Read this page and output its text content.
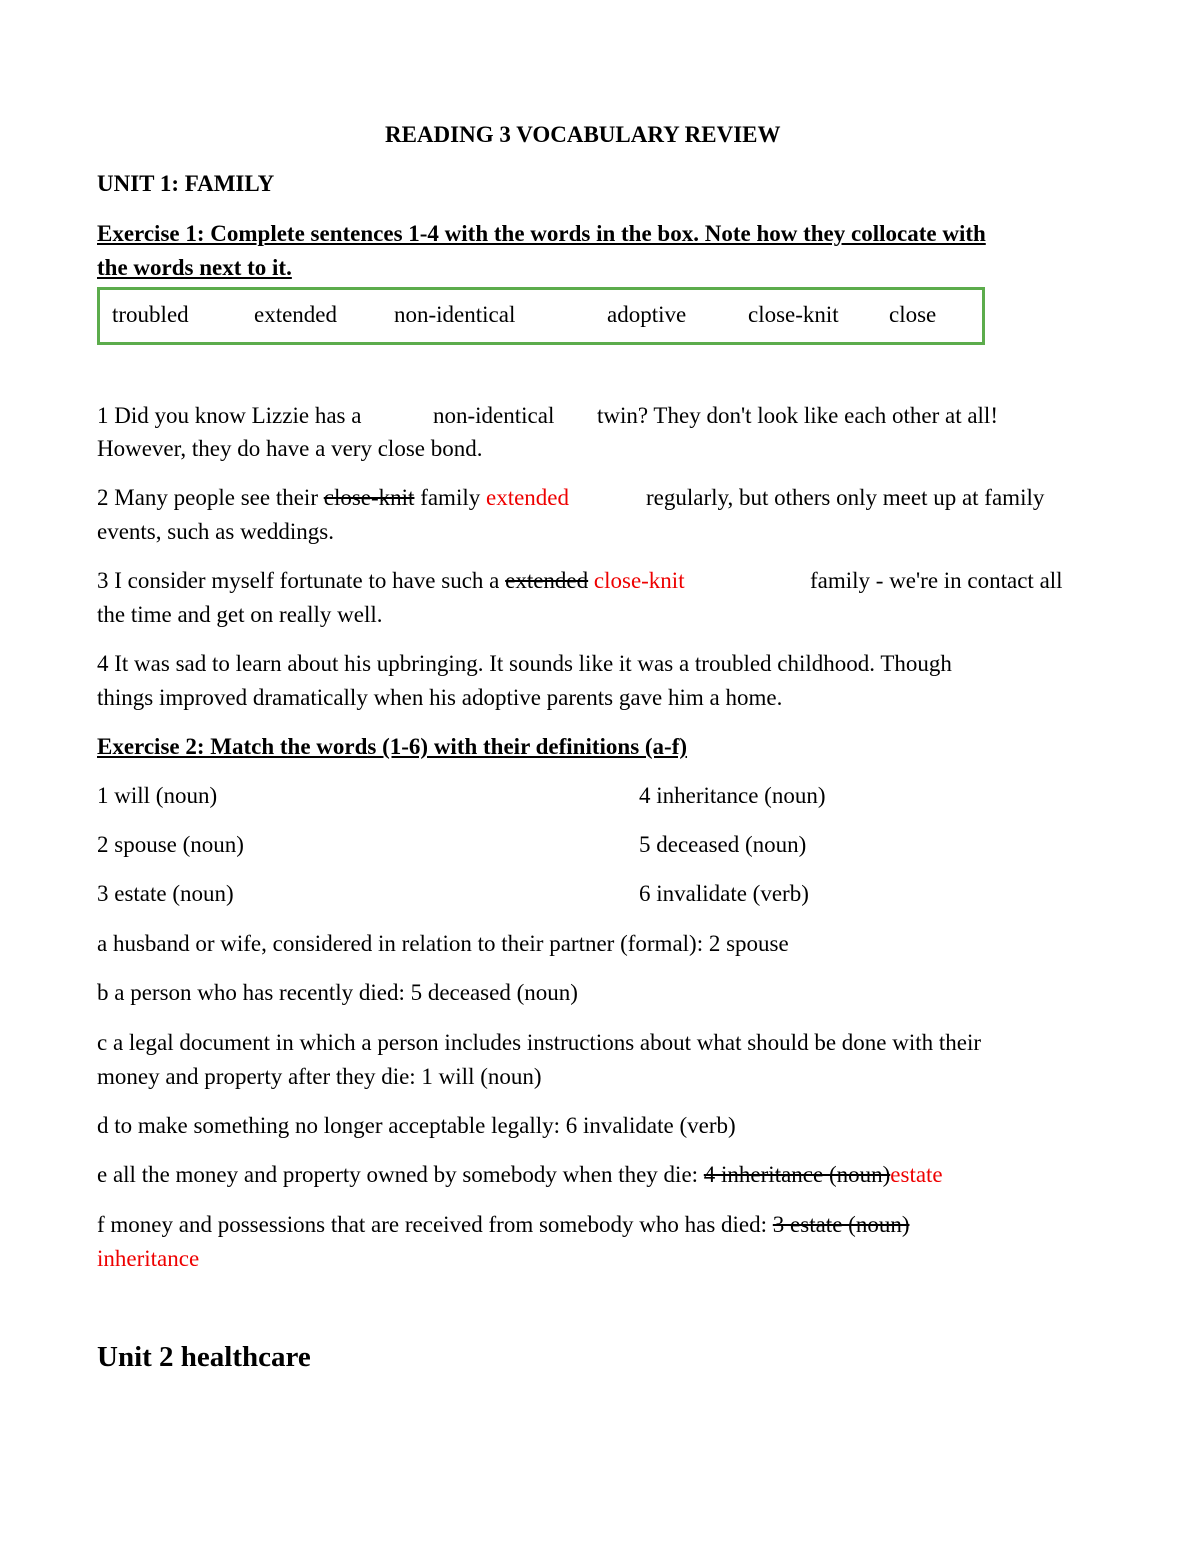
READING 3 VOCABULARY REVIEW
UNIT 1: FAMILY
Exercise 1: Complete sentences 1-4 with the words in the box. Note how they collocate with
the words next to it.
troubled	extended non-identical	adoptive	close-knit close
1 Did you know Lizzie has a	non-identical twin? They don't look like each other at all!
However, they do have a very close bond.
2 Many people see their close-knit family extended	regularly, but others only meet up at family
events, such as weddings.
3 I consider myself fortunate to have such a extended close-knit	family - we're in contact all
the time and get on really well.
4 It was sad to learn about his upbringing. It sounds like it was a troubled childhood. Though
things improved dramatically when his adoptive parents gave him a home.
Exercise 2: Match the words (1-6) with their definitions (a-f)
1 will (noun)	4 inheritance (noun)
2 spouse (noun)	5 deceased (noun)
3 estate (noun)	6 invalidate (verb)
a husband or wife, considered in relation to their partner (formal): 2 spouse
b a person who has recently died: 5 deceased (noun)
c a legal document in which a person includes instructions about what should be done with their
money and property after they die: 1 will (noun)
d to make something no longer acceptable legally: 6 invalidate (verb)
e all the money and property owned by somebody when they die: 4 inheritance (noun)estate
f money and possessions that are received from somebody who has died: 3 estate (noun)
inheritance
Unit 2 healthcare
